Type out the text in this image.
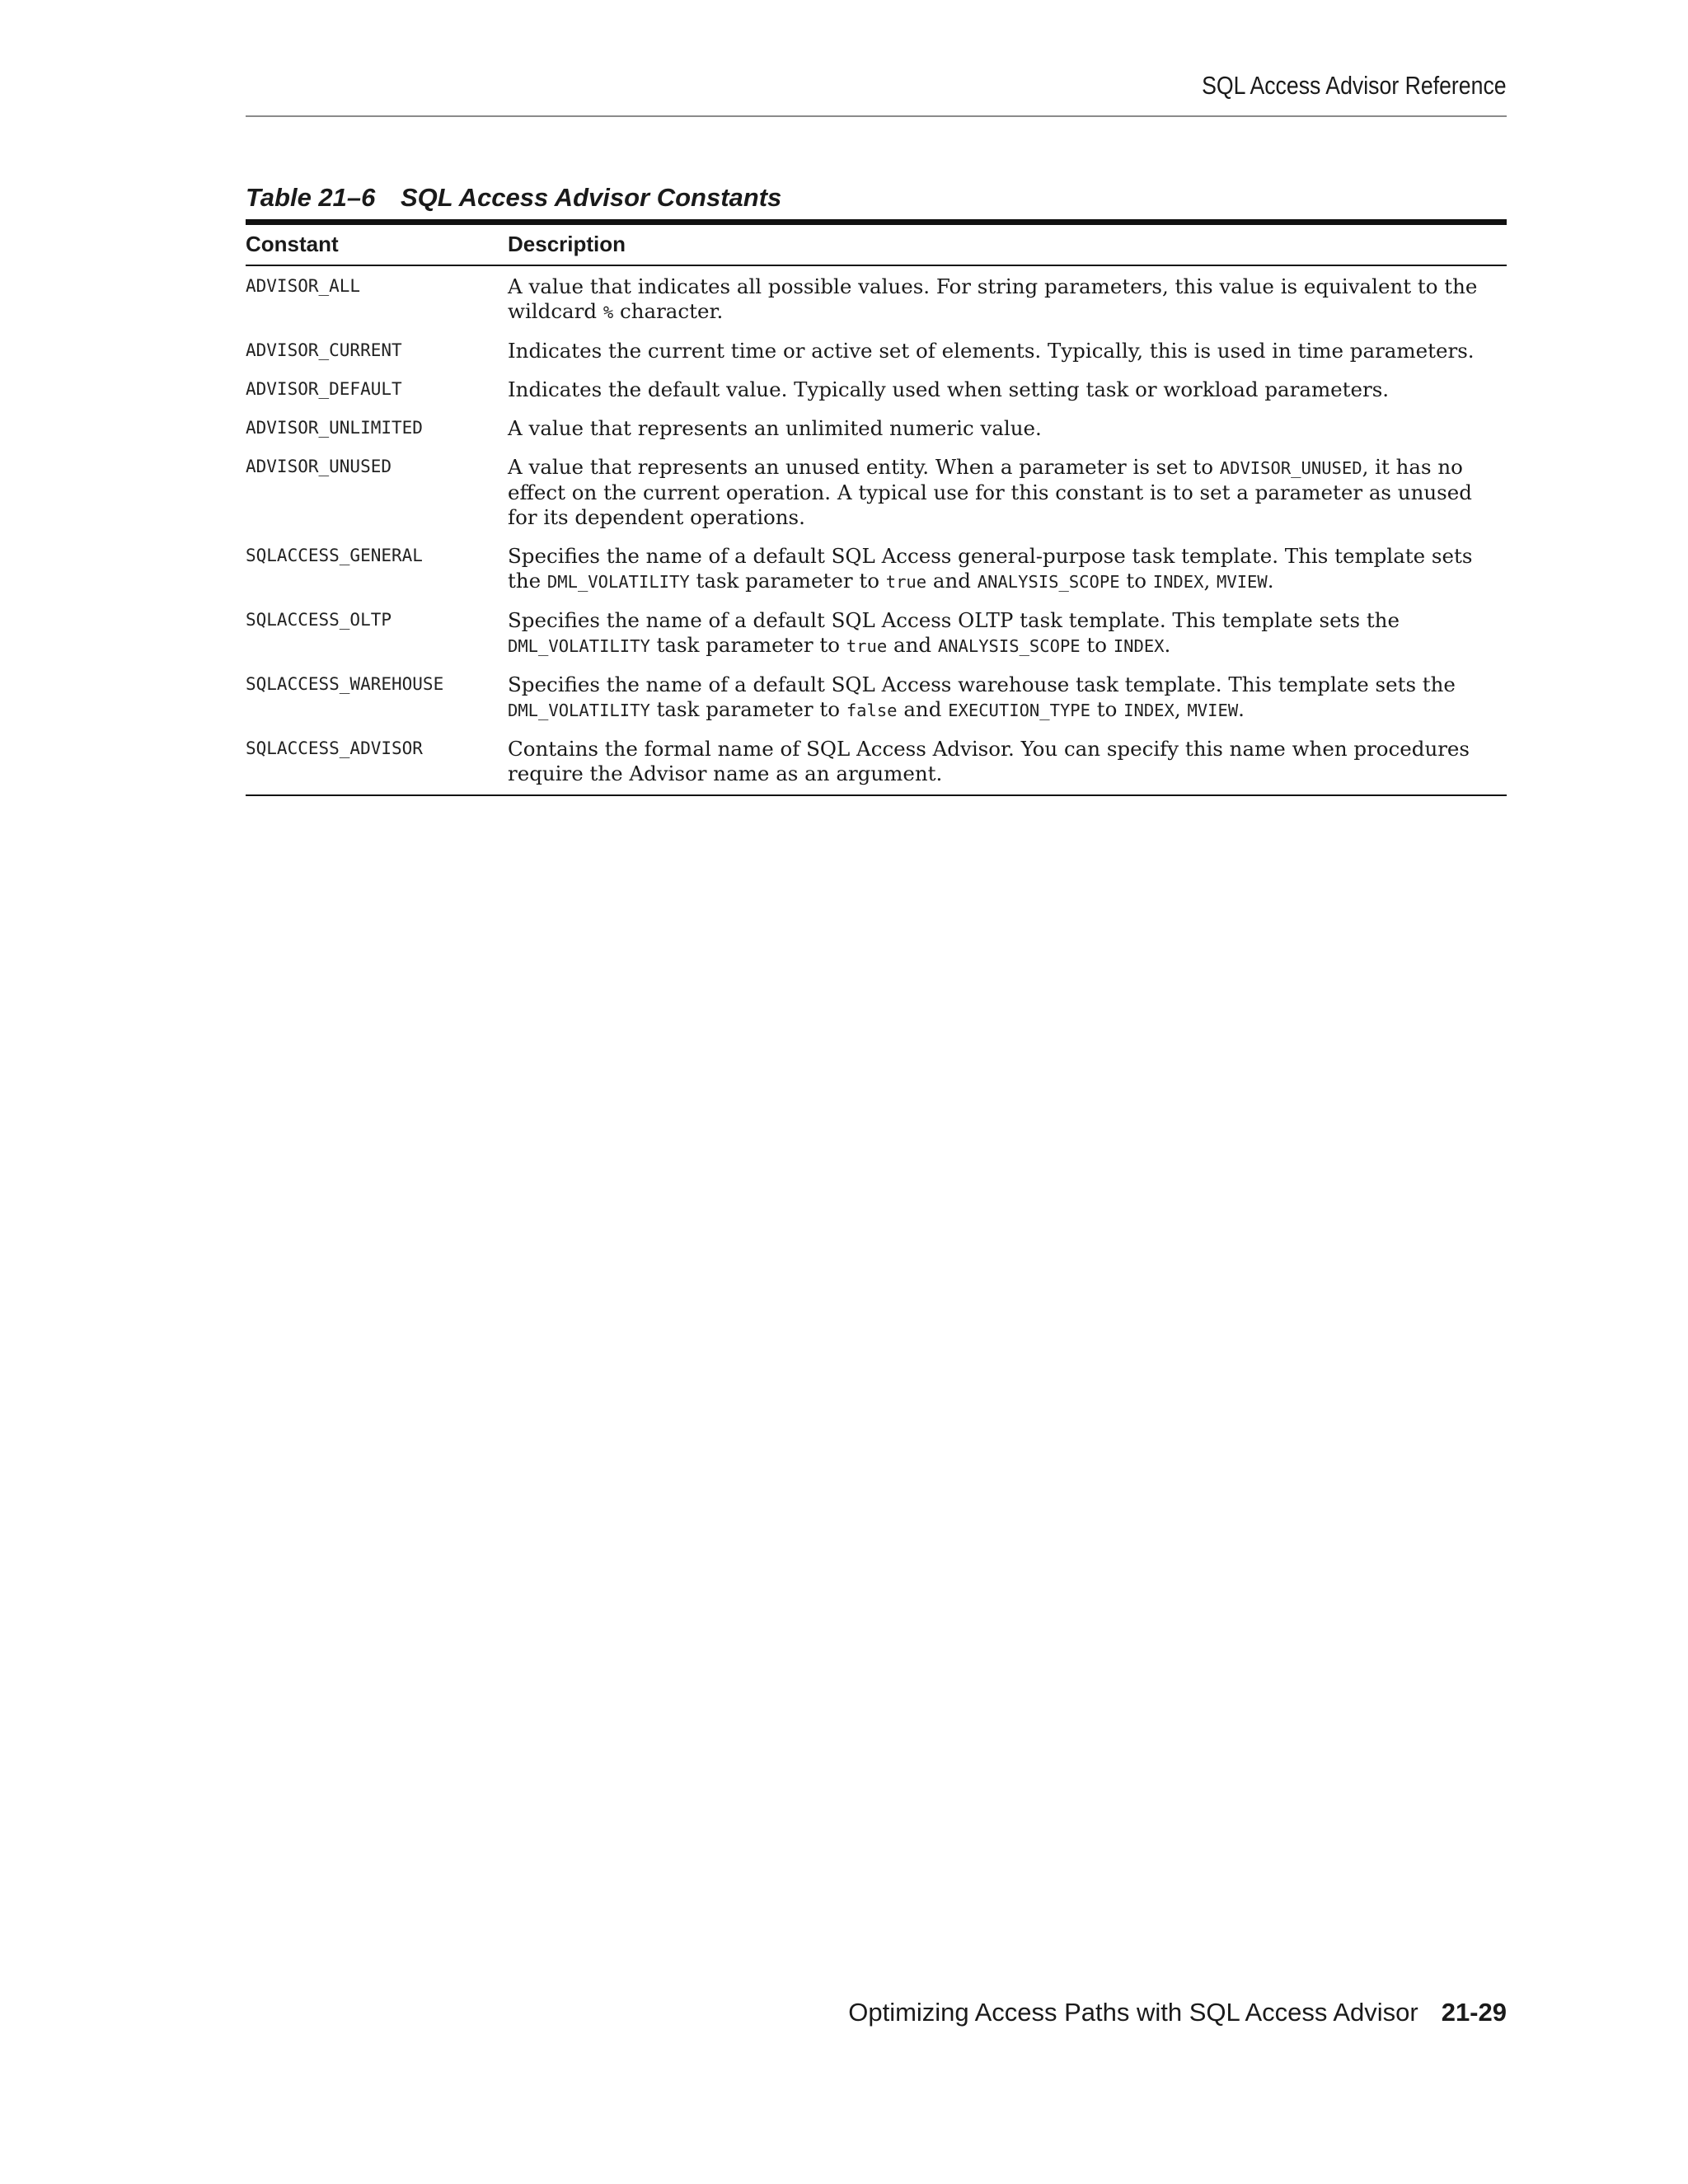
SQL Access Advisor Reference
Table 21–6 SQL Access Advisor Constants
Constant	Description
ADVISOR_ALL	A value that indicates all possible values. For string parameters, this value is equivalent to the wildcard % character.
ADVISOR_CURRENT	Indicates the current time or active set of elements. Typically, this is used in time parameters.
ADVISOR_DEFAULT	Indicates the default value. Typically used when setting task or workload parameters.
ADVISOR_UNLIMITED	A value that represents an unlimited numeric value.
ADVISOR_UNUSED	A value that represents an unused entity. When a parameter is set to ADVISOR_UNUSED, it has no effect on the current operation. A typical use for this constant is to set a parameter as unused for its dependent operations.
SQLACCESS_GENERAL	Specifies the name of a default SQL Access general-purpose task template. This template sets the DML_VOLATILITY task parameter to true and ANALYSIS_SCOPE to INDEX, MVIEW.
SQLACCESS_OLTP	Specifies the name of a default SQL Access OLTP task template. This template sets the DML_VOLATILITY task parameter to true and ANALYSIS_SCOPE to INDEX.
SQLACCESS_WAREHOUSE	Specifies the name of a default SQL Access warehouse task template. This template sets the DML_VOLATILITY task parameter to false and EXECUTION_TYPE to INDEX, MVIEW.
SQLACCESS_ADVISOR	Contains the formal name of SQL Access Advisor. You can specify this name when procedures require the Advisor name as an argument.
Optimizing Access Paths with SQL Access Advisor 21-29
